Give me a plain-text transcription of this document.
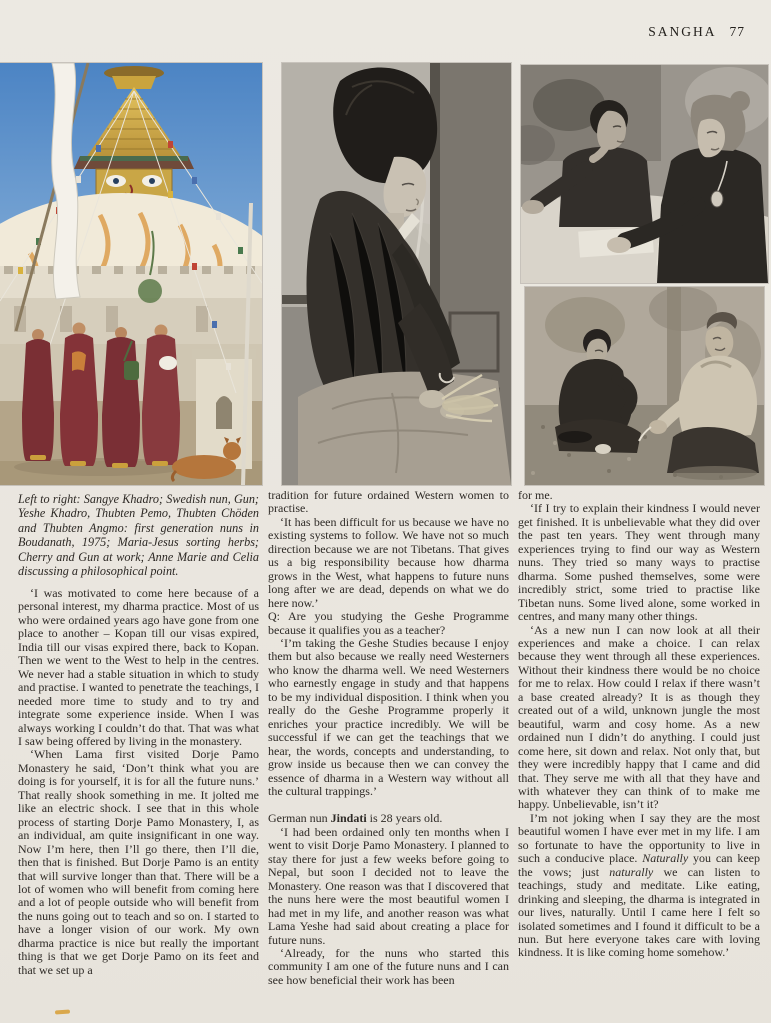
SANGHA 77
Left to right: Sangye Khadro; Swedish nun, Gun; Yeshe Khadro, Thubten Pemo, Thubten Chöden and Thubten Angmo: first generation nuns in Boudanath, 1975; Maria-Jesus sorting herbs; Cherry and Gun at work; Anne Marie and Celia discussing a philosophical point.

‘I was motivated to come here because of a personal interest, my dharma practice. Most of us who were ordained years ago have gone from one place to another – Kopan till our visas expired, India till our visas expired there, back to Kopan. Then we went to the West to help in the centres. We never had a stable situation in which to study and practise. I wanted to penetrate the teachings, I needed more time to study and to try and integrate some experience inside. When I was always working I couldn’t do that. That was what I saw being offered by living in the monastery.

‘When Lama first visited Dorje Pamo Monastery he said, ‘Don’t think what you are doing is for yourself, it is for all the future nuns.’ That really shook something in me. It jolted me like an electric shock. I see that in this whole process of starting Dorje Pamo Monastery, I, as an individual, am quite insignificant in one way. Now I’m here, then I’ll go there, then I’ll die, then that is finished. But Dorje Pamo is an entity that will survive longer than that. There will be a lot of women who will benefit from coming here and a lot of people outside who will benefit from the nuns going out to teach and so on. I started to have a longer vision of our work. My own dharma practice is nice but really the important thing is that we get Dorje Pamo on its feet and that we set up a

tradition for future ordained Western women to practise.

‘It has been difficult for us because we have no existing systems to follow. We have not so much direction because we are not Tibetans. That gives us a big responsibility because how dharma grows in the West, what happens to future nuns long after we are dead, depends on what we do here now.’

Q: Are you studying the Geshe Programme because it qualifies you as a teacher?

‘I’m taking the Geshe Studies because I enjoy them but also because we really need Westerners who know the dharma well. We need Westerners who earnestly engage in study and that happens to be my individual disposition. I think when you really do the Geshe Programme properly it enriches your practice incredibly. We will be successful if we can get the teachings that we hear, the words, concepts and understanding, to grow inside us because then we can convey the essence of dharma in a Western way without all the cultural trappings.’

German nun Jindati is 28 years old.

‘I had been ordained only ten months when I went to visit Dorje Pamo Monastery. I planned to stay there for just a few weeks before going to Nepal, but soon I decided not to leave the Monastery. One reason was that I discovered that the nuns here were the most beautiful women I had met in my life, and another reason was what Lama Yeshe had said about creating a place for future nuns.

‘Already, for the nuns who started this community I am one of the future nuns and I can see how beneficial their work has been

for me.

‘If I try to explain their kindness I would never get finished. It is unbelievable what they did over the past ten years. They went through many experiences trying to find our way as Western nuns. They tried so many ways to practise dharma. Some pushed themselves, some were incredibly strict, some tried to practise like Tibetan nuns. Some lived alone, some worked in centres, and many many other things.

‘As a new nun I can now look at all their experiences and make a choice. I can relax because they went through all these experiences. Without their kindness there would be no choice for me to relax. How could I relax if there wasn’t a base created already? It is as though they created out of a wild, unknown jungle the most beautiful, warm and cosy home. As a new ordained nun I didn’t do anything. I could just come here, sit down and relax. Not only that, but they were incredibly happy that I came and did that. They serve me with all that they have and with whatever they can think of to make me happy. Unbelievable, isn’t it?

I’m not joking when I say they are the most beautiful women I have ever met in my life. I am so fortunate to have the opportunity to live in such a conducive place. Naturally you can keep the vows; just naturally we can listen to teachings, study and meditate. Like eating, drinking and sleeping, the dharma is integrated in our lives, naturally. Until I came here I felt so isolated sometimes and I found it difficult to be a nun. But here everyone takes care with loving kindness. It is like coming home somehow.’
